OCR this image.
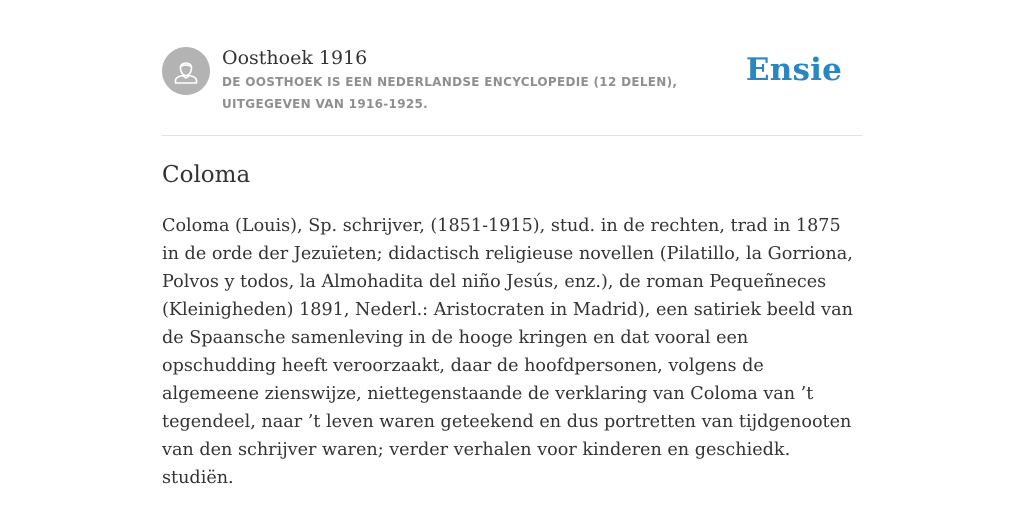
Oosthoek 1916
DE OOSTHOEK IS EEN NEDERLANDSE ENCYCLOPEDIE (12 DELEN), UITGEGEVEN VAN 1916-1925.
Ensie
Coloma

Coloma (Louis), Sp. schrijver, (1851-1915), stud. in de rechten, trad in 1875 in de orde der Jezuïeten; didactisch religieuse novellen (Pilatillo, la Gorriona, Polvos y todos, la Almohadita del niño Jesús, enz.), de roman Pequeñneces (Kleinigheden) 1891, Nederl.: Aristocraten in Madrid), een satiriek beeld van de Spaansche samenleving in de hooge kringen en dat vooral een opschudding heeft veroorzaakt, daar de hoofdpersonen, volgens de algemeene zienswijze, niettegenstaande de verklaring van Coloma van ’t tegendeel, naar ’t leven waren geteekend en dus portretten van tijdgenooten van den schrijver waren; verder verhalen voor kinderen en geschiedk. studiën.
